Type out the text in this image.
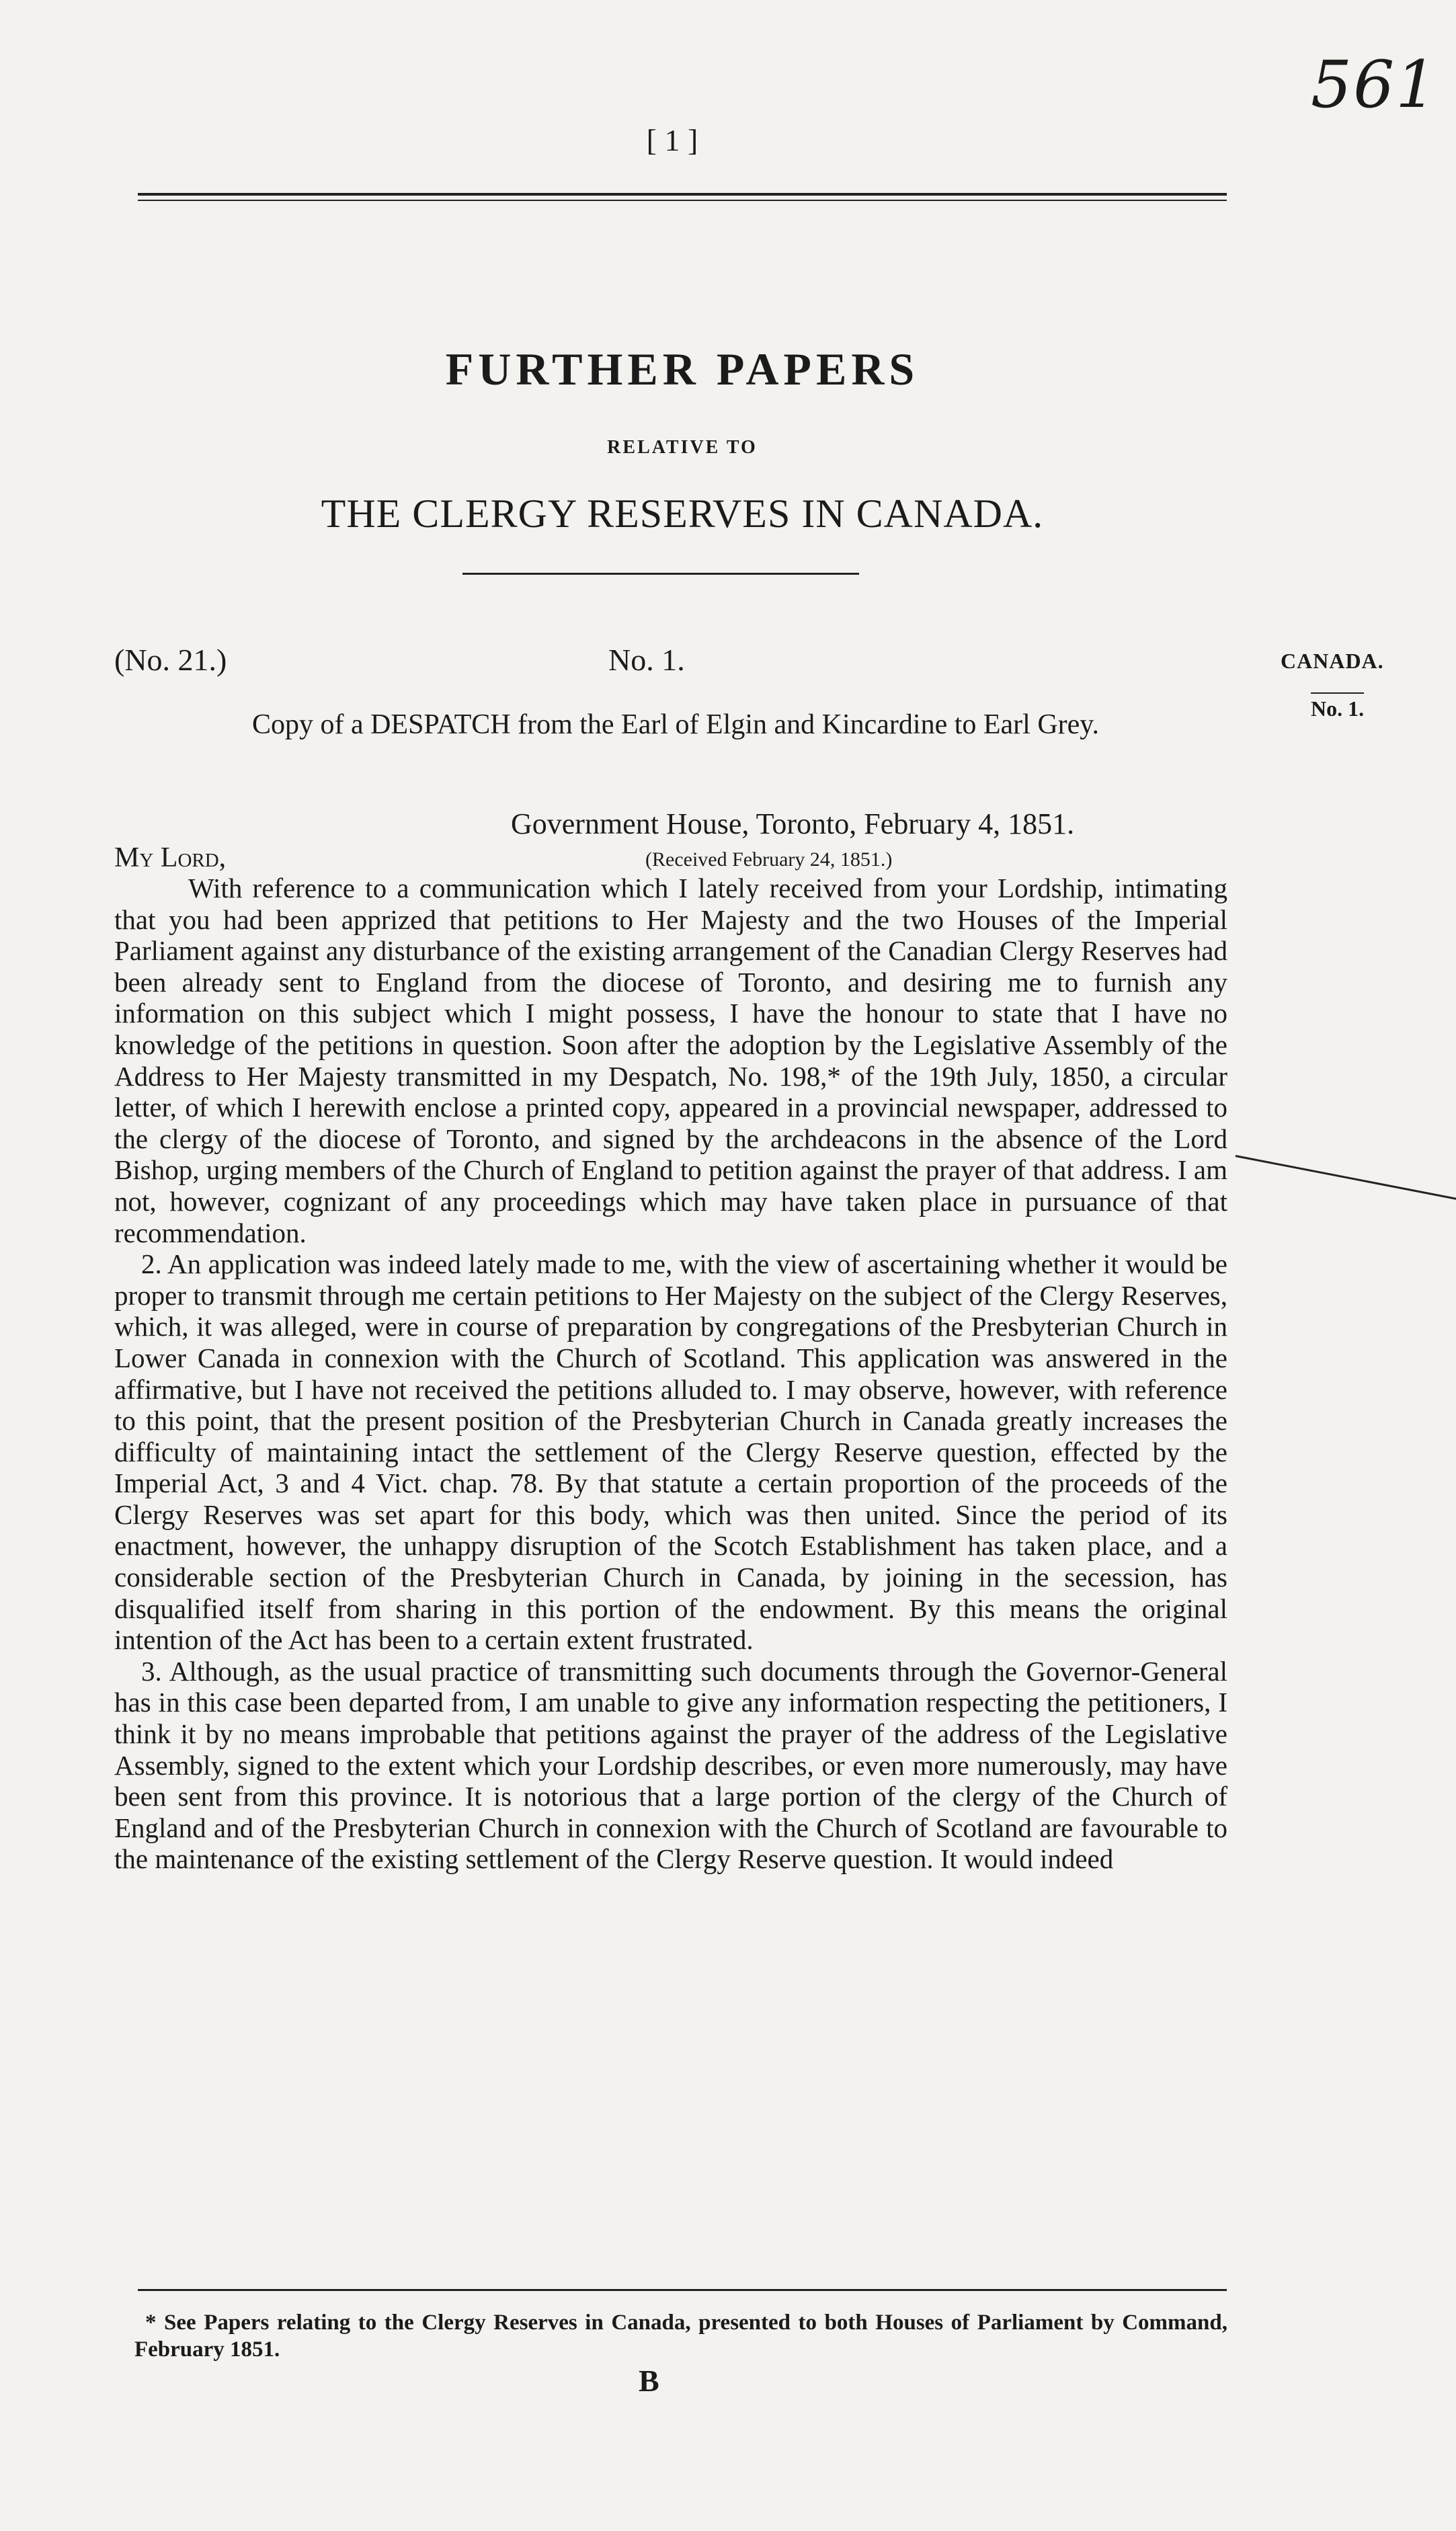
561
[ 1 ]
FURTHER PAPERS
RELATIVE TO
THE CLERGY RESERVES IN CANADA.
(No. 21.)	No. 1.	CANADA.
No. 1.
Copy of a DESPATCH from the Earl of Elgin and Kincardine to Earl Grey.
Government House, Toronto, February 4, 1851.
My Lord,	(Received February 24, 1851.)

With reference to a communication which I lately received from your Lordship, intimating that you had been apprized that petitions to Her Majesty and the two Houses of the Imperial Parliament against any disturbance of the existing arrangement of the Canadian Clergy Reserves had been already sent to England from the diocese of Toronto, and desiring me to furnish any information on this subject which I might possess, I have the honour to state that I have no knowledge of the petitions in question. Soon after the adoption by the Legislative Assembly of the Address to Her Majesty transmitted in my Despatch, No. 198,* of the 19th July, 1850, a circular letter, of which I herewith enclose a printed copy, appeared in a provincial newspaper, addressed to the clergy of the diocese of Toronto, and signed by the archdeacons in the absence of the Lord Bishop, urging members of the Church of England to petition against the prayer of that address. I am not, however, cognizant of any proceedings which may have taken place in pursuance of that recommendation.

2. An application was indeed lately made to me, with the view of ascertaining whether it would be proper to transmit through me certain petitions to Her Majesty on the subject of the Clergy Reserves, which, it was alleged, were in course of preparation by congregations of the Presbyterian Church in Lower Canada in connexion with the Church of Scotland. This application was answered in the affirmative, but I have not received the petitions alluded to. I may observe, however, with reference to this point, that the present position of the Presbyterian Church in Canada greatly increases the difficulty of maintaining intact the settlement of the Clergy Reserve question, effected by the Imperial Act, 3 and 4 Vict. chap. 78. By that statute a certain proportion of the proceeds of the Clergy Reserves was set apart for this body, which was then united. Since the period of its enactment, however, the unhappy disruption of the Scotch Establishment has taken place, and a considerable section of the Presbyterian Church in Canada, by joining in the secession, has disqualified itself from sharing in this portion of the endowment. By this means the original intention of the Act has been to a certain extent frustrated.

3. Although, as the usual practice of transmitting such documents through the Governor-General has in this case been departed from, I am unable to give any information respecting the petitioners, I think it by no means improbable that petitions against the prayer of the address of the Legislative Assembly, signed to the extent which your Lordship describes, or even more numerously, may have been sent from this province. It is notorious that a large portion of the clergy of the Church of England and of the Presbyterian Church in connexion with the Church of Scotland are favourable to the maintenance of the existing settlement of the Clergy Reserve question. It would indeed

* See Papers relating to the Clergy Reserves in Canada, presented to both Houses of Parliament by Command, February 1851.
B
